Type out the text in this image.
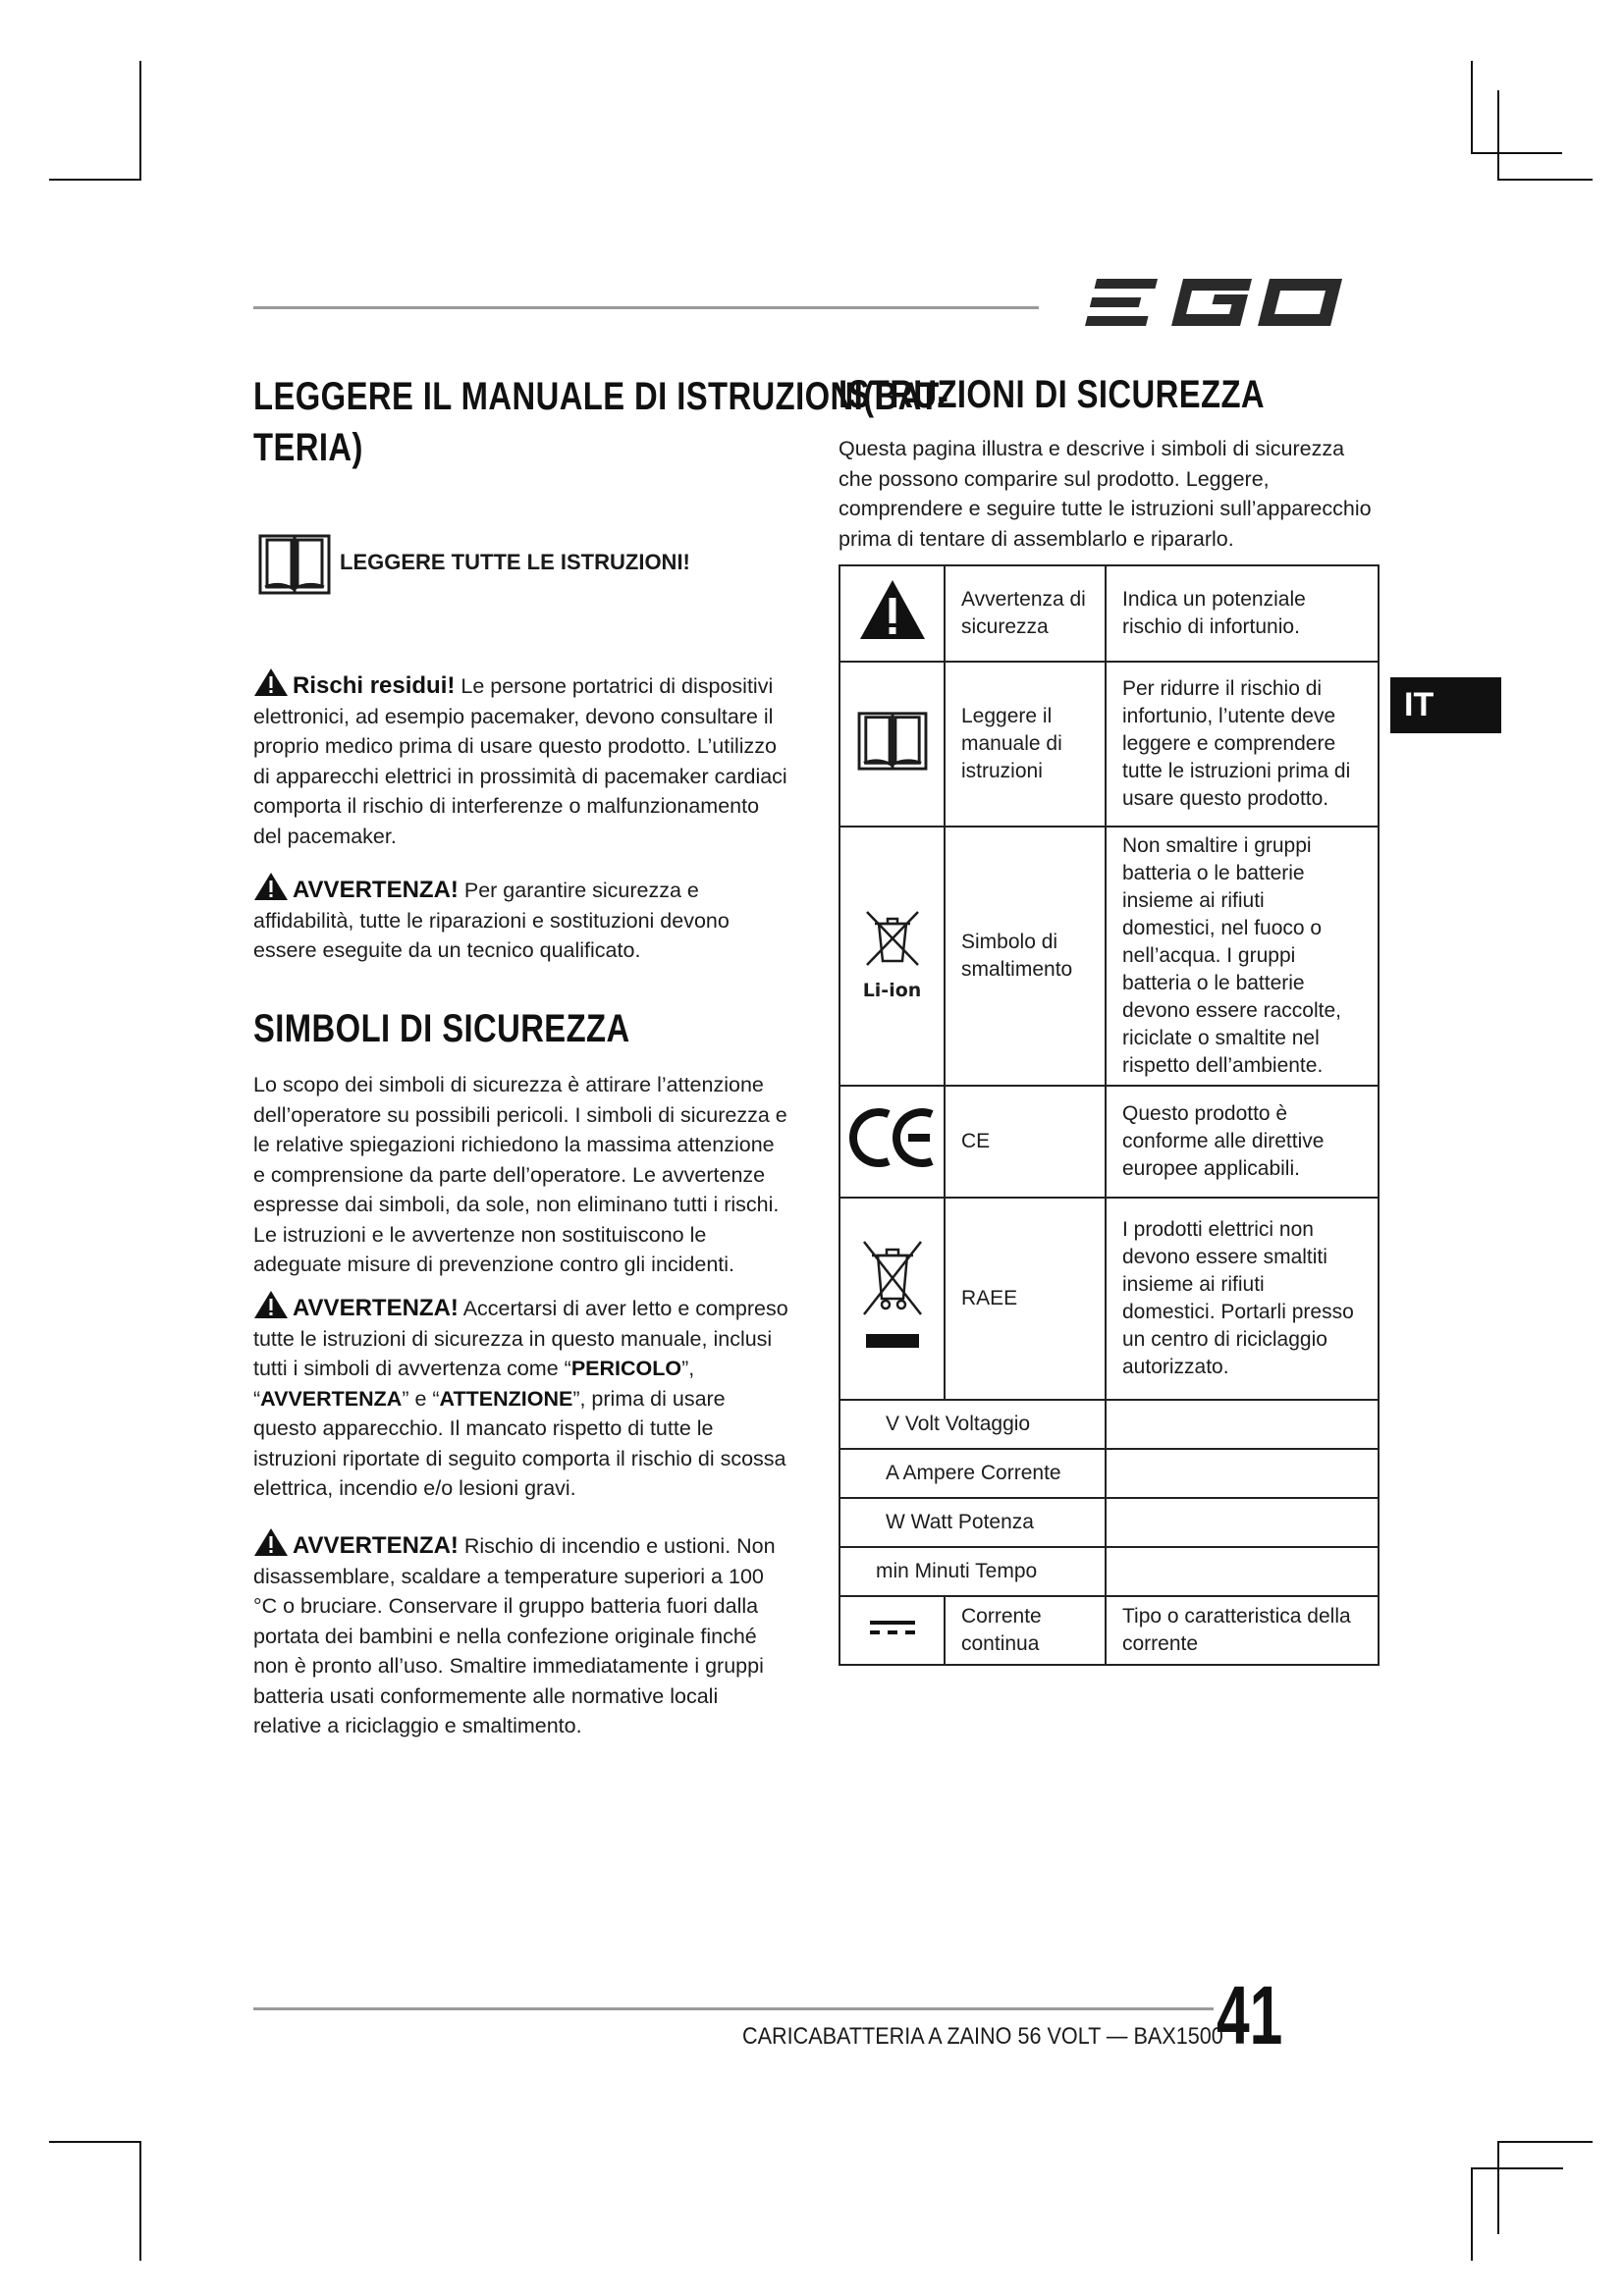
LEGGERE IL MANUALE DI ISTRUZIONI(BAT-
TERIA)
LEGGERE TUTTE LE ISTRUZIONI!
Rischi residui! Le persone portatrici di dispositivi elettronici, ad esempio pacemaker, devono consultare il proprio medico prima di usare questo prodotto. L’utilizzo di apparecchi elettrici in prossimità di pacemaker cardiaci comporta il rischio di interferenze o malfunzionamento del pacemaker.
AVVERTENZA! Per garantire sicurezza e affidabilità, tutte le riparazioni e sostituzioni devono essere eseguite da un tecnico qualificato.
SIMBOLI DI SICUREZZA
Lo scopo dei simboli di sicurezza è attirare l’attenzione dell’operatore su possibili pericoli. I simboli di sicurezza e le relative spiegazioni richiedono la massima attenzione e comprensione da parte dell’operatore. Le avvertenze espresse dai simboli, da sole, non eliminano tutti i rischi. Le istruzioni e le avvertenze non sostituiscono le adeguate misure di prevenzione contro gli incidenti.
AVVERTENZA! Accertarsi di aver letto e compreso tutte le istruzioni di sicurezza in questo manuale, inclusi tutti i simboli di avvertenza come “PERICOLO”, “AVVERTENZA” e “ATTENZIONE”, prima di usare questo apparecchio. Il mancato rispetto di tutte le istruzioni riportate di seguito comporta il rischio di scossa elettrica, incendio e/o lesioni gravi.
AVVERTENZA! Rischio di incendio e ustioni. Non disassemblare, scaldare a temperature superiori a 100 °C o bruciare. Conservare il gruppo batteria fuori dalla portata dei bambini e nella confezione originale finché non è pronto all’uso. Smaltire immediatamente i gruppi batteria usati conformemente alle normative locali relative a riciclaggio e smaltimento.
ISTRUZIONI DI SICUREZZA
Questa pagina illustra e descrive i simboli di sicurezza che possono comparire sul prodotto. Leggere, comprendere e seguire tutte le istruzioni sull’apparecchio prima di tentare di assemblarlo e ripararlo.
	Avvertenza di sicurezza	Indica un potenziale rischio di infortunio.
	Leggere il manuale di istruzioni	Per ridurre il rischio di infortunio, l’utente deve leggere e comprendere tutte le istruzioni prima di usare questo prodotto.

Li-ion	Simbolo di smaltimento	Non smaltire i gruppi batteria o le batterie insieme ai rifiuti domestici, nel fuoco o nell’acqua. I gruppi batteria o le batterie devono essere raccolte, riciclate o smaltite nel rispetto dell’ambiente.
	CE	Questo prodotto è conforme alle direttive europee applicabili.
	RAEE	I prodotti elettrici non devono essere smaltiti insieme ai rifiuti domestici. Portarli presso un centro di riciclaggio autorizzato.
V Volt Voltaggio		
A Ampere Corrente		
W Watt Potenza		
min Minuti Tempo		
	Corrente continua	Tipo o caratteristica della corrente
IT
CARICABATTERIA A ZAINO 56 VOLT — BAX1500
41
